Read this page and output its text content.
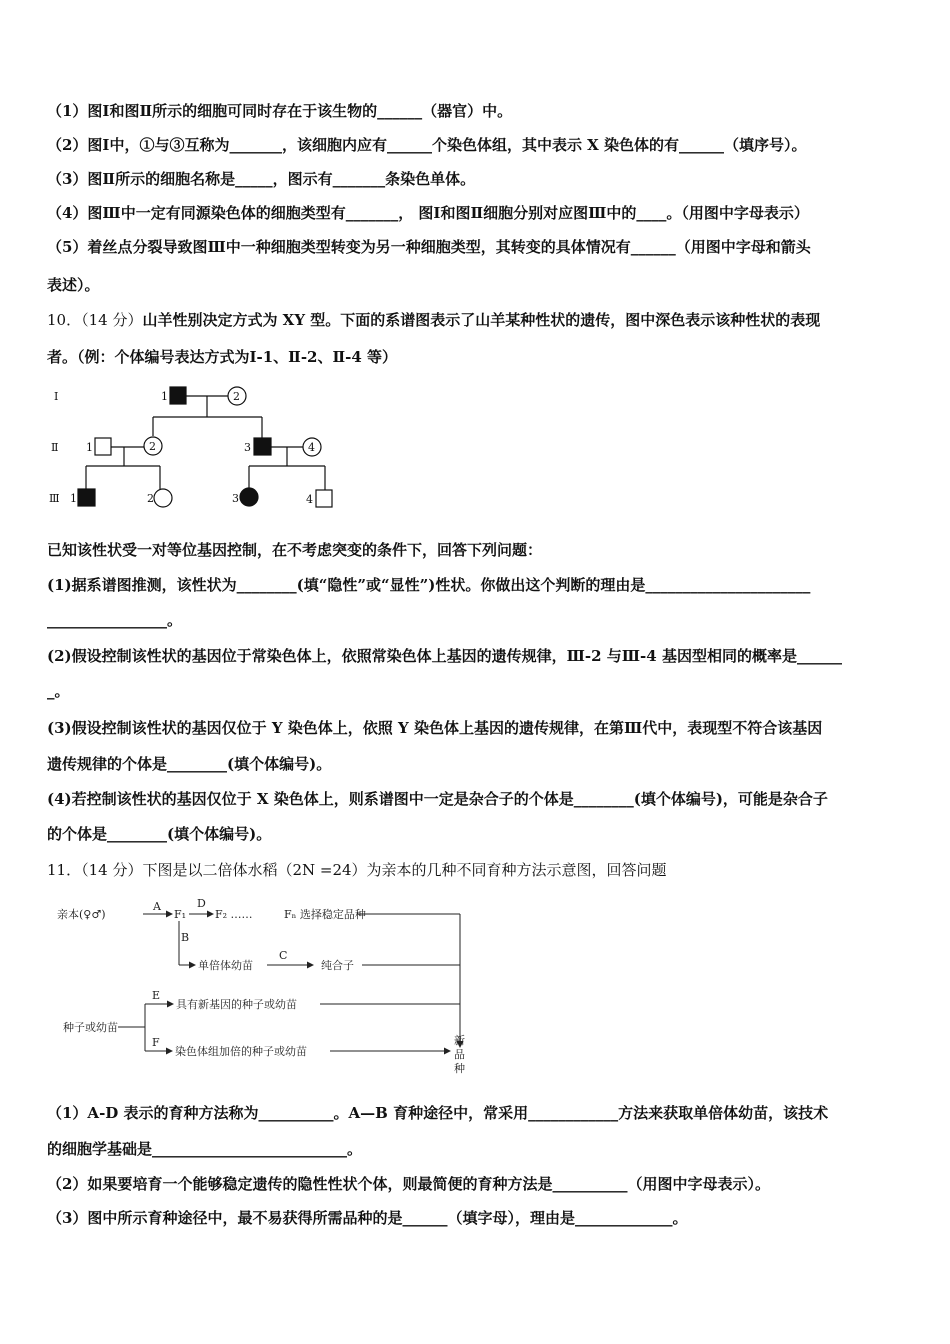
（1）图Ⅰ和图Ⅱ所示的细胞可同时存在于该生物的______（器官）中。
（2）图Ⅰ中，①与③互称为_______，该细胞内应有______个染色体组，其中表示 X 染色体的有______（填序号）。
（3）图Ⅱ所示的细胞名称是_____，图示有_______条染色单体。
（4）图Ⅲ中一定有同源染色体的细胞类型有_______， 图Ⅰ和图Ⅱ细胞分别对应图Ⅲ中的____。（用图中字母表示）
（5）着丝点分裂导致图Ⅲ中一种细胞类型转变为另一种细胞类型，其转变的具体情况有______（用图中字母和箭头
表述）。
10．（14 分）山羊性别决定方式为 XY 型。下面的系谱图表示了山羊某种性状的遗传，图中深色表示该种性状的表现
者。（例：个体编号表达方式为Ⅰ-1、Ⅱ-2、Ⅱ-4 等）
Ⅰ
Ⅱ
Ⅲ
1	2
1	2	3	4
1	2	3	4
已知该性状受一对等位基因控制，在不考虑突变的条件下，回答下列问题：
(1)据系谱图推测，该性状为________(填“隐性”或“显性”)性状。你做出这个判断的理由是______________________
________________。
(2)假设控制该性状的基因位于常染色体上，依照常染色体上基因的遗传规律，Ⅲ-2 与Ⅲ-4 基因型相同的概率是______
_。
(3)假设控制该性状的基因仅位于 Y 染色体上，依照 Y 染色体上基因的遗传规律，在第Ⅲ代中，表现型不符合该基因
遗传规律的个体是________(填个体编号)。
(4)若控制该性状的基因仅位于 X 染色体上，则系谱图中一定是杂合子的个体是________(填个体编号)，可能是杂合子
的个体是________(填个体编号)。
11．（14 分）下图是以二倍体水稻（2N =24）为亲本的几种不同育种方法示意图，回答问题
亲本(♀♂)
A
F₁
D
F₂ ……	Fₙ 选择稳定品种
B
单倍体幼苗
C
纯合子
种子或幼苗
E
具有新基因的种子或幼苗
F
染色体组加倍的种子或幼苗
新
品
种
（1）A-D 表示的育种方法称为__________。A—B 育种途径中，常采用____________方法来获取单倍体幼苗，该技术
的细胞学基础是__________________________。
（2）如果要培育一个能够稳定遗传的隐性性状个体，则最简便的育种方法是__________（用图中字母表示）。
（3）图中所示育种途径中，最不易获得所需品种的是______（填字母），理由是_____________。
